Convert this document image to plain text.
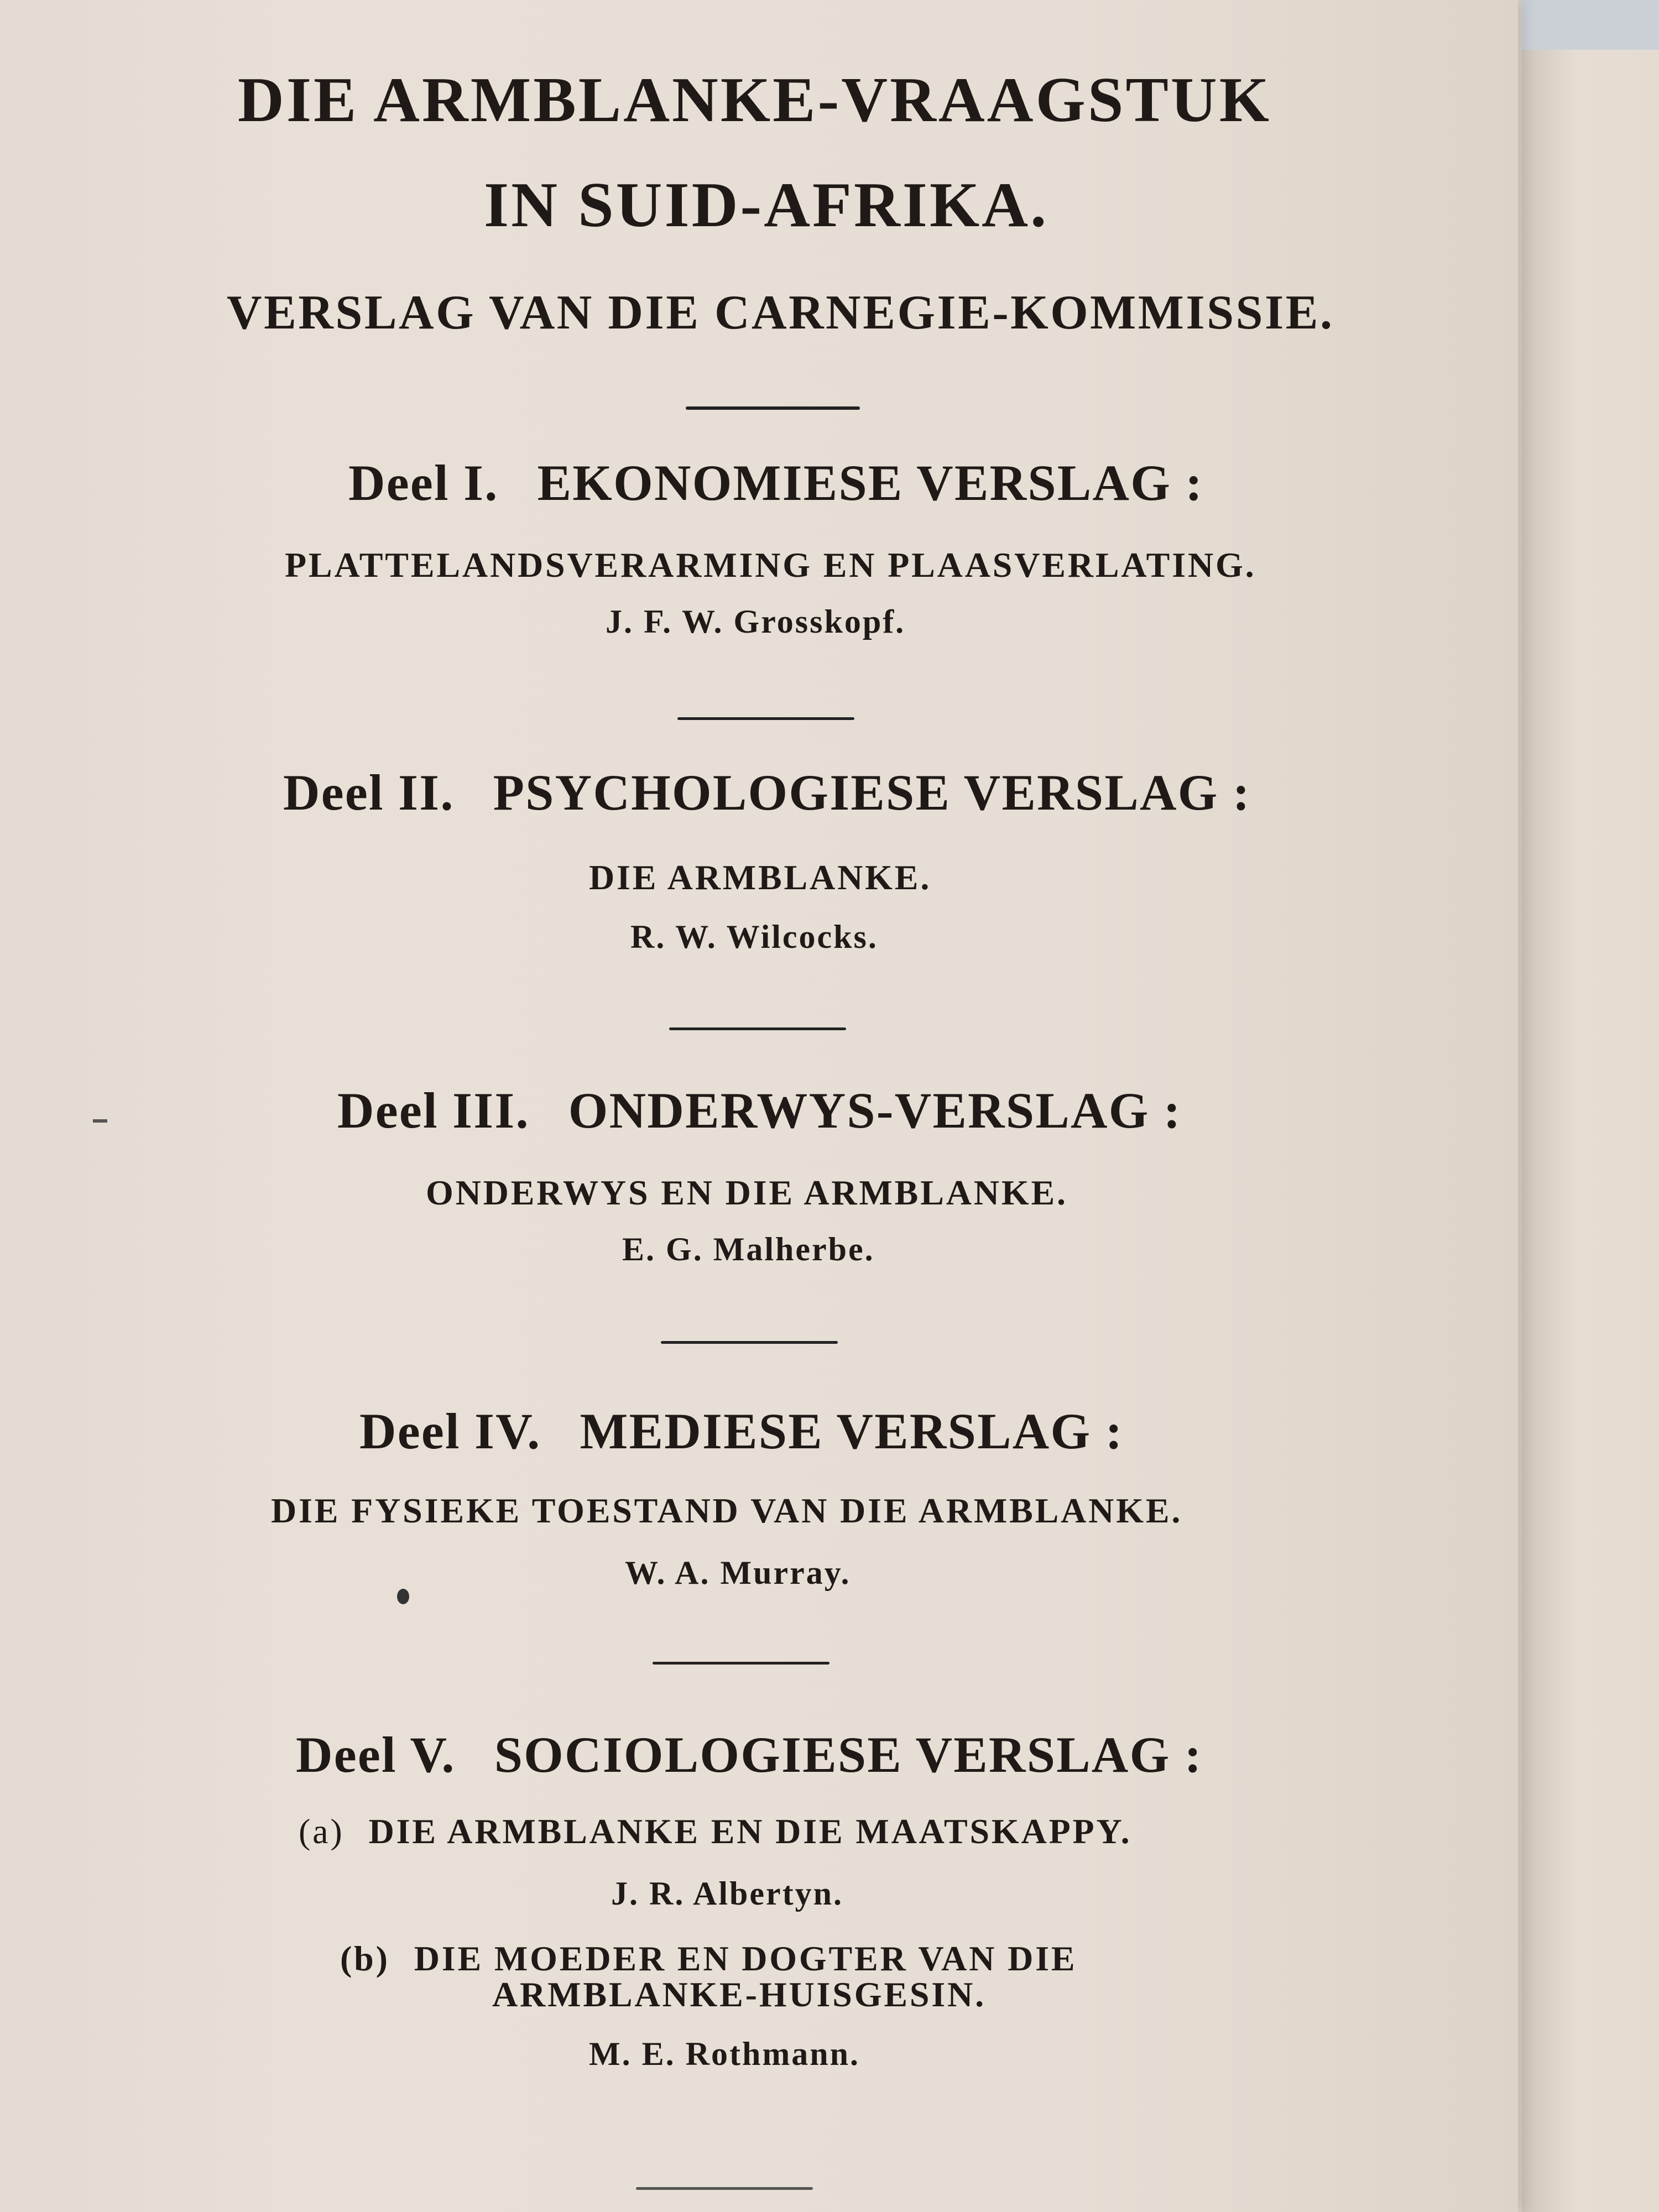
DIE ARMBLANKE-VRAAGSTUK
IN SUID-AFRIKA.
VERSLAG VAN DIE CARNEGIE-KOMMISSIE.
Deel I. EKONOMIESE VERSLAG :
PLATTELANDSVERARMING EN PLAASVERLATING.
J. F. W. Grosskopf.
Deel II. PSYCHOLOGIESE VERSLAG :
DIE ARMBLANKE.
R. W. Wilcocks.
Deel III. ONDERWYS-VERSLAG :
ONDERWYS EN DIE ARMBLANKE.
E. G. Malherbe.
Deel IV. MEDIESE VERSLAG :
DIE FYSIEKE TOESTAND VAN DIE ARMBLANKE.
W. A. Murray.
Deel V. SOCIOLOGIESE VERSLAG :
(a) DIE ARMBLANKE EN DIE MAATSKAPPY.
J. R. Albertyn.
(b) DIE MOEDER EN DOGTER VAN DIE
ARMBLANKE-HUISGESIN.
M. E. Rothmann.
